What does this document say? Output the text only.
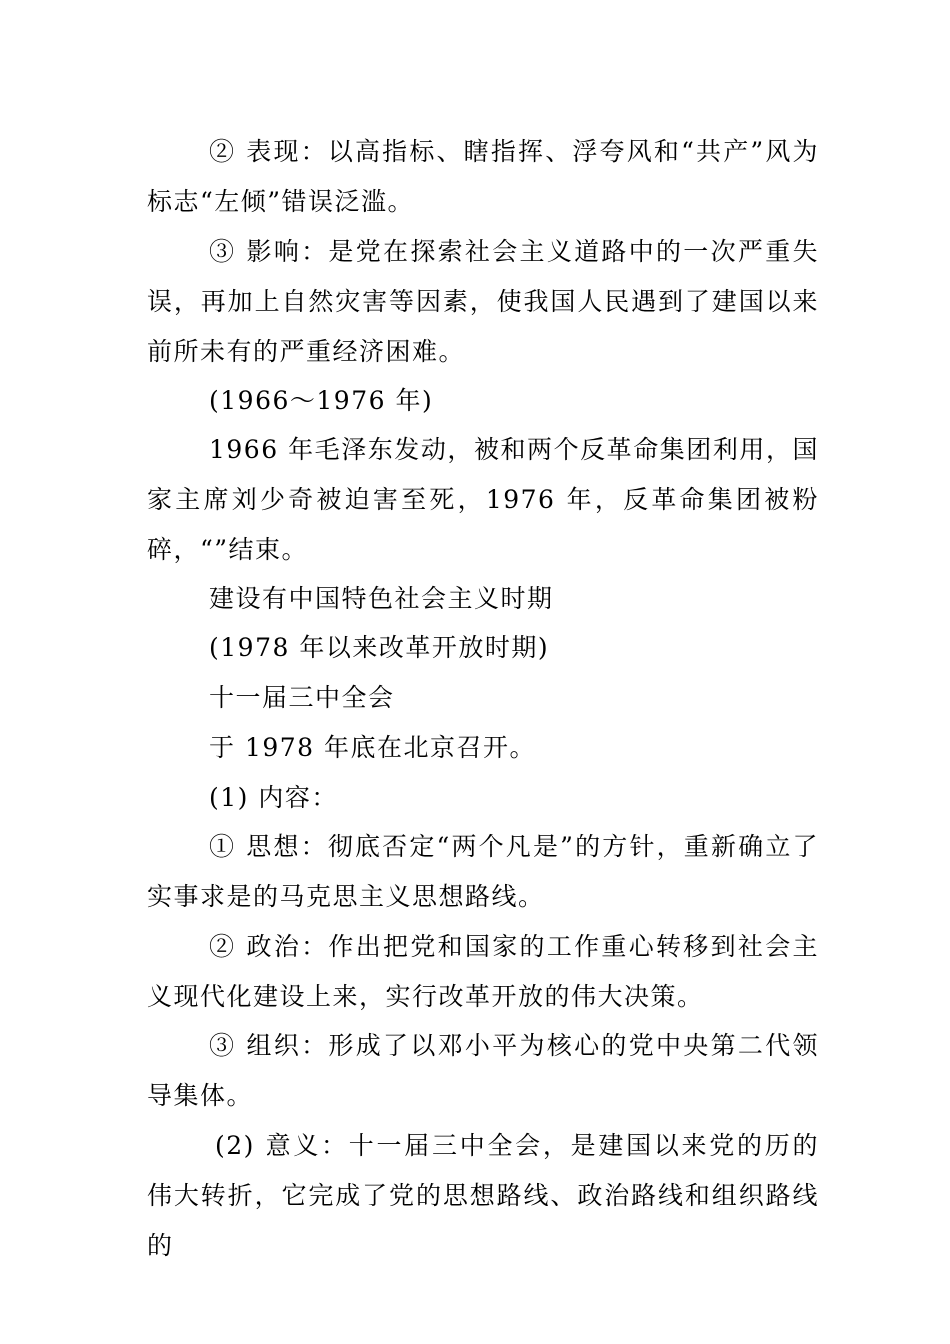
② 表现：以高指标、瞎指挥、浮夸风和“共产”风为标志“左倾”错误泛滥。

③ 影响：是党在探索社会主义道路中的一次严重失误，再加上自然灾害等因素，使我国人民遇到了建国以来前所未有的严重经济困难。

(1966～1976 年)

1966 年毛泽东发动，被和两个反革命集团利用，国家主席刘少奇被迫害至死，1976 年，反革命集团被粉碎，“”结束。

建设有中国特色社会主义时期

(1978 年以来改革开放时期)

十一届三中全会

于 1978 年底在北京召开。

(1) 内容：

① 思想：彻底否定“两个凡是”的方针，重新确立了实事求是的马克思主义思想路线。

② 政治：作出把党和国家的工作重心转移到社会主义现代化建设上来，实行改革开放的伟大决策。

③ 组织：形成了以邓小平为核心的党中央第二代领导集体。

(2) 意义：十一届三中全会，是建国以来党的历的伟大转折，它完成了党的思想路线、政治路线和组织路线的
